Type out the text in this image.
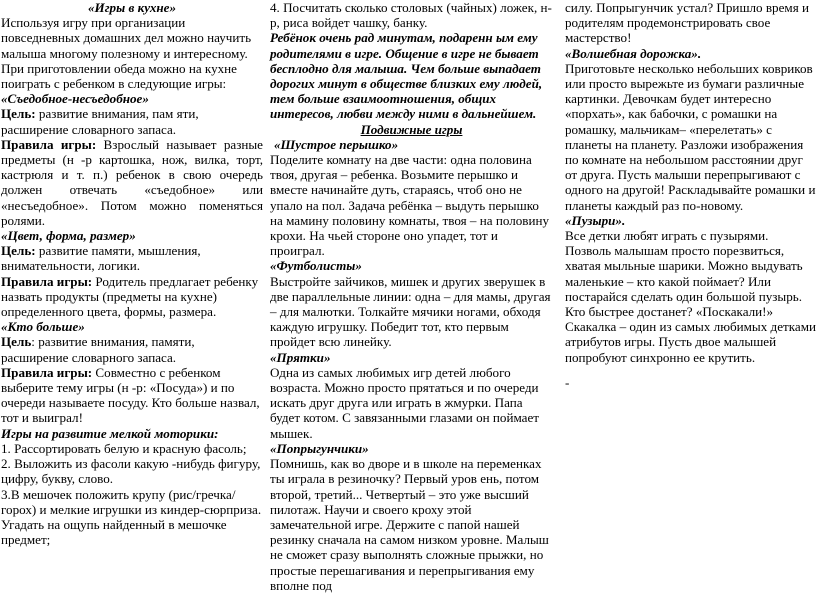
«Игры в кухне»

Используя игру при организации повседневных домашних дел можно научить малыша многому полезному и интересному. При приготовлении обеда можно на кухне поиграть с ребенком в следующие игры:

«Съедобное-несъедобное»

Цель: развитие внимания, пам яти, расширение словарного запаса.

Правила игры: Взрослый называет разные предметы (н -р картошка, нож, вилка, торт, кастрюля и т. п.) ребенок в свою очередь должен отвечать «съедобное» или «несъедобное». Потом можно поменяться ролями.

«Цвет, форма, размер»

Цель: развитие памяти, мышления, внимательности, логики.

Правила игры: Родитель предлагает ребенку назвать продукты (предметы на кухне) определенного цвета, формы, размера.

«Кто больше»

Цель: развитие внимания, памяти, расширение словарного запаса.

Правила игры: Совместно с ребенком выберите тему игры (н -р: «Посуда») и по очереди называете посуду. Кто больше назвал, тот и выиграл!

Игры на развитие мелкой моторики:

1. Рассортировать белую и красную фасоль;

2. Выложить из фасоли какую -нибудь фигуру, цифру, букву, слово.

3.В мешочек положить крупу (рис/гречка/горох) и мелкие игрушки из киндер-сюрприза. Угадать на ощупь найденный в мешочке предмет;

4. Посчитать сколько столовых (чайных) ложек, н-р, риса войдет чашку, банку.

Ребёнок очень рад минутам, подаренн ым ему родителями в игре. Общение в игре не бывает бесплодно для малыша. Чем больше выпадает дорогих минут в обществе близких ему людей, тем больше взаимоотношения, общих интересов, любви между ними в дальнейшем.

Подвижные игры

«Шустрое перышко»

Поделите комнату на две части: одна половина твоя, другая – ребенка. Возьмите перышко и вместе начинайте дуть, стараясь, чтоб оно не упало на пол. Задача ребёнка – выдуть перышко на мамину половину комнаты, твоя – на половину крохи. На чьей стороне оно упадет, тот и проиграл.

«Футболисты»

Выстройте зайчиков, мишек и других зверушек в две параллельные линии: одна – для мамы, другая – для малютки. Толкайте мячики ногами, обходя каждую игрушку. Победит тот, кто первым пройдет всю линейку.

«Прятки»

Одна из самых любимых игр детей любого возраста. Можно просто прятаться и по очереди искать друг друга или играть в жмурки. Папа будет котом. С завязанными глазами он поймает мышек.

«Попрыгунчики»

Помнишь, как во дворе и в школе на переменках ты играла в резиночку? Первый уров ень, потом второй, третий... Четвертый – это уже высший пилотаж. Научи и своего кроху этой замечательной игре. Держите с папой нашей резинку сначала на самом низком уровне. Малыш не сможет сразу выполнять сложные прыжки, но простые перешагивания и перепрыгивания ему вполне под

силу. Попрыгунчик устал? Пришло время и родителям продемонстрировать свое мастерство!

«Волшебная дорожка».

Приготовьте несколько небольших ковриков или просто вырежьте из бумаги различные картинки. Девочкам будет интересно «порхать», как бабочки, с ромашки на ромашку, мальчикам– «перелетать» с планеты на планету. Разложи изображения по комнате на небольшом расстоянии друг от друга. Пусть малыши перепрыгивают с одного на другой! Раскладывайте ромашки и планеты каждый раз по-новому.

«Пузыри».

Все детки любят играть с пузырями. Позволь малышам просто порезвиться, хватая мыльные шарики. Можно выдувать маленькие – кто какой поймает? Или постарайся сделать один большой пузырь. Кто быстрее достанет? «Поскакали!» Скакалка – один из самых любимых детками атрибутов игры. Пусть двое малышей попробуют синхронно ее крутить.

-
